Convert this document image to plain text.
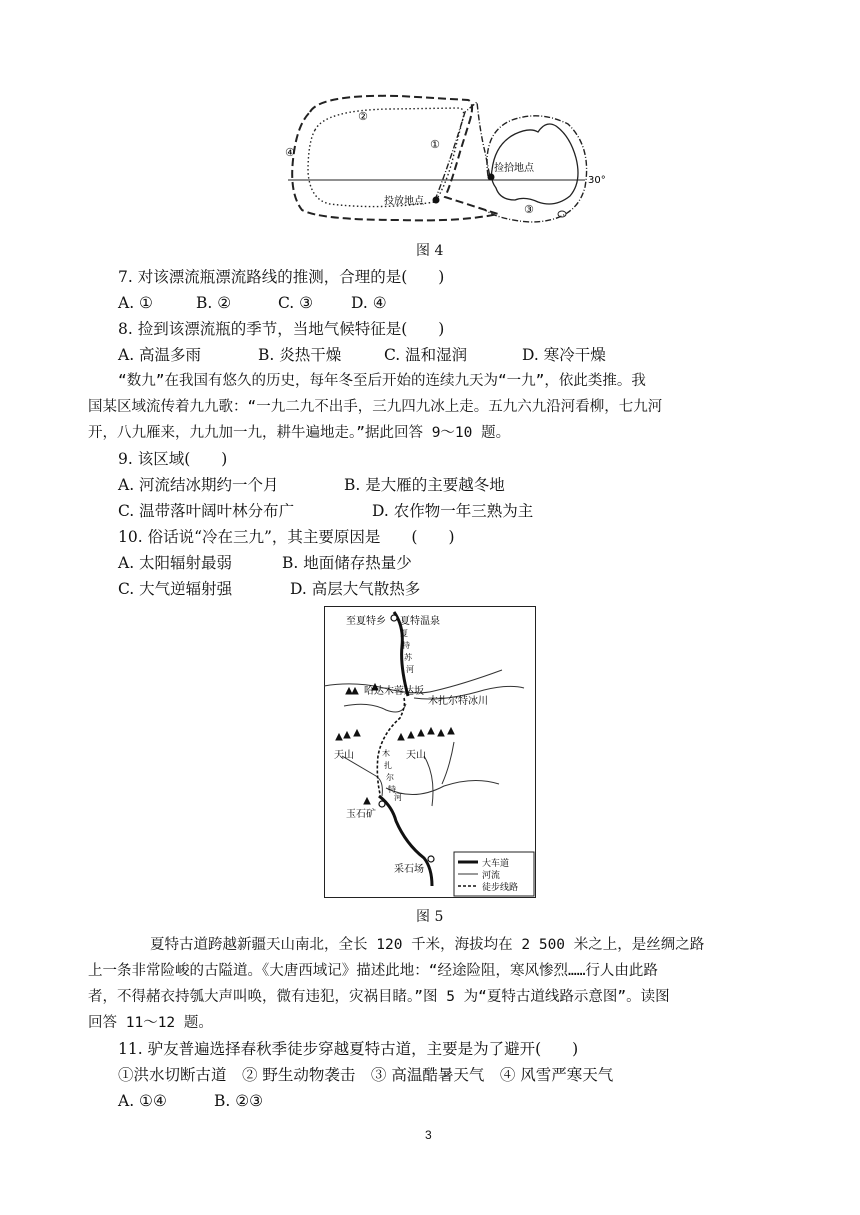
②
①
④
③
捡拾地点
投放地点
30°
图 4
7. 对该漂流瓶漂流路线的推测，合理的是(　　)
A. ①	B. ②	C. ③ D. ④
8. 捡到该漂流瓶的季节，当地气候特征是(　　)
A. 高温多雨	B. 炎热干燥	C. 温和湿润	D. 寒冷干燥
“数九”在我国有悠久的历史，每年冬至后开始的连续九天为“一九”，依此类推。我
国某区域流传着九九歌：“一九二九不出手，三九四九冰上走。五九六九沿河看柳，七九河
开，八九雁来，九九加一九，耕牛遍地走。”据此回答 9～10 题。
9. 该区域(　　)
A. 河流结冰期约一个月	B. 是大雁的主要越冬地
C. 温带落叶阔叶林分布广	D. 农作物一年三熟为主
10. 俗话说“冷在三九”，其主要原因是　　(　　)
A. 太阳辐射最弱	B. 地面储存热量少
C. 大气逆辐射强	D. 高层大气散热多
至夏特乡 夏特温泉
夏
特
苏
河
哈达木蓉达坂
木扎尔特冰川
天山	天山
木
扎
尔
特
河
玉石矿
采石场	大车道
河流
徒步线路
图 5
夏特古道跨越新疆天山南北，全长 120 千米，海拔均在 2 500 米之上，是丝绸之路
上一条非常险峻的古隘道。《大唐西域记》描述此地：“经途险阻，寒风惨烈……行人由此路
者，不得赭衣持瓠大声叫唤，微有违犯，灾祸目睹。”图 5 为“夏特古道线路示意图”。读图
回答 11～12 题。
11. 驴友普遍选择春秋季徒步穿越夏特古道，主要是为了避开(　　)
①洪水切断古道　② 野生动物袭击　③ 高温酷暑天气　④ 风雪严寒天气
A. ①④	B. ②③
3
